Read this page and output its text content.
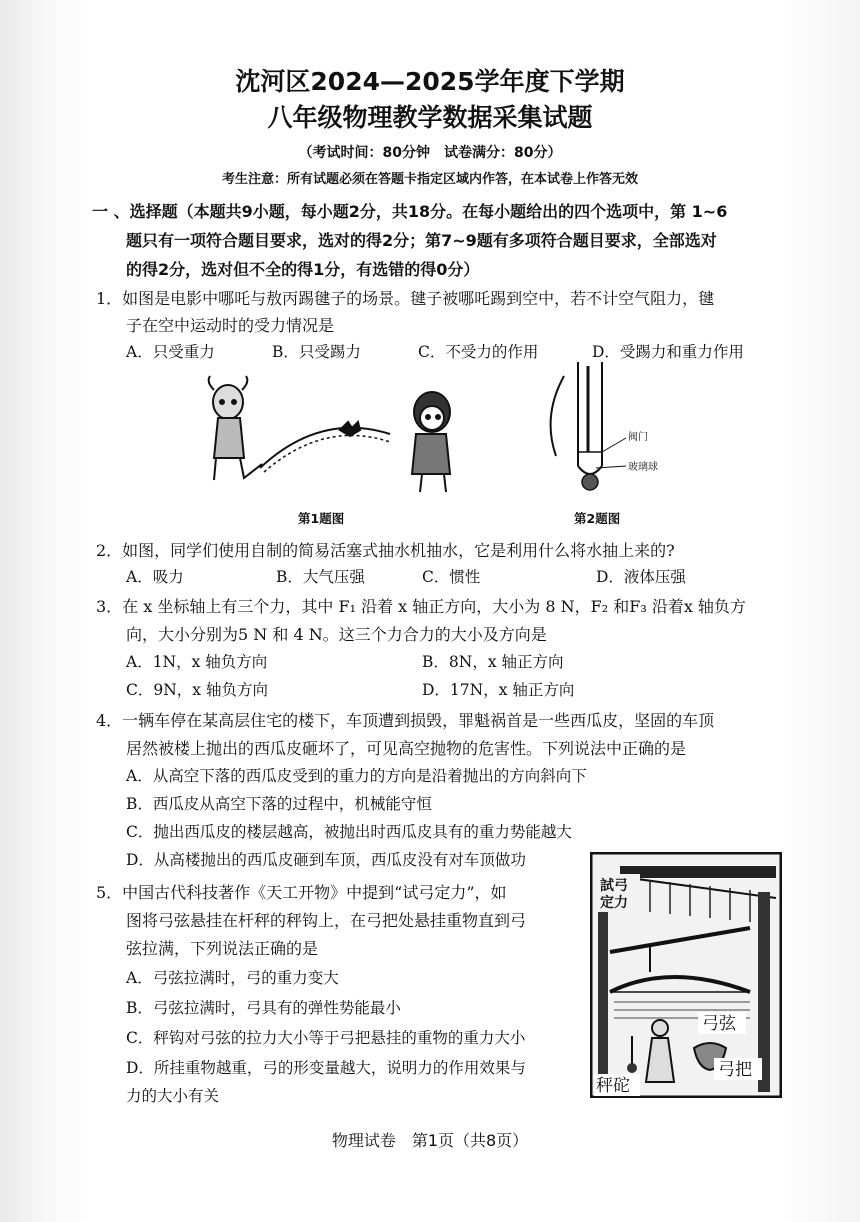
沈河区2024—2025学年度下学期
八年级物理教学数据采集试题
（考试时间：80分钟　试卷满分：80分）
考生注意：所有试题必须在答题卡指定区域内作答，在本试卷上作答无效
一 、选择题（本题共9小题，每小题2分，共18分。在每小题给出的四个选项中，第 1~6
题只有一项符合题目要求，选对的得2分；第7~9题有多项符合题目要求，全部选对
的得2分，选对但不全的得1分，有选错的得0分）
1．如图是电影中哪吒与敖丙踢毽子的场景。毽子被哪吒踢到空中，若不计空气阻力，毽
子在空中运动时的受力情况是
A．只受重力	B．只受踢力	C．不受力的作用	D．受踢力和重力作用
阀门
玻璃球
第1题图	第2题图
2．如图，同学们使用自制的简易活塞式抽水机抽水，它是利用什么将水抽上来的?
A．吸力	B．大气压强	C．惯性	D．液体压强
3．在 x 坐标轴上有三个力，其中 F₁ 沿着 x 轴正方向，大小为 8 N，F₂ 和F₃ 沿着x 轴负方
向，大小分别为5 N 和 4 N。这三个力合力的大小及方向是
A．1N，x 轴负方向	B．8N，x 轴正方向
C．9N，x 轴负方向	D．17N，x 轴正方向
4．一辆车停在某高层住宅的楼下，车顶遭到损毁，罪魁祸首是一些西瓜皮，坚固的车顶
居然被楼上抛出的西瓜皮砸坏了，可见高空抛物的危害性。下列说法中正确的是
A．从高空下落的西瓜皮受到的重力的方向是沿着抛出的方向斜向下
B．西瓜皮从高空下落的过程中，机械能守恒
C．抛出西瓜皮的楼层越高，被抛出时西瓜皮具有的重力势能越大
D．从高楼抛出的西瓜皮砸到车顶，西瓜皮没有对车顶做功
5．中国古代科技著作《天工开物》中提到“试弓定力”，如
图将弓弦悬挂在杆秤的秤钩上，在弓把处悬挂重物直到弓
弦拉满，下列说法正确的是
A．弓弦拉满时，弓的重力变大
B．弓弦拉满时，弓具有的弹性势能最小
C．秤钩对弓弦的拉力大小等于弓把悬挂的重物的重力大小
D．所挂重物越重，弓的形变量越大，说明力的作用效果与
力的大小有关
試弓
定力
弓弦
秤砣
弓把
物理试卷　第1页（共8页）
